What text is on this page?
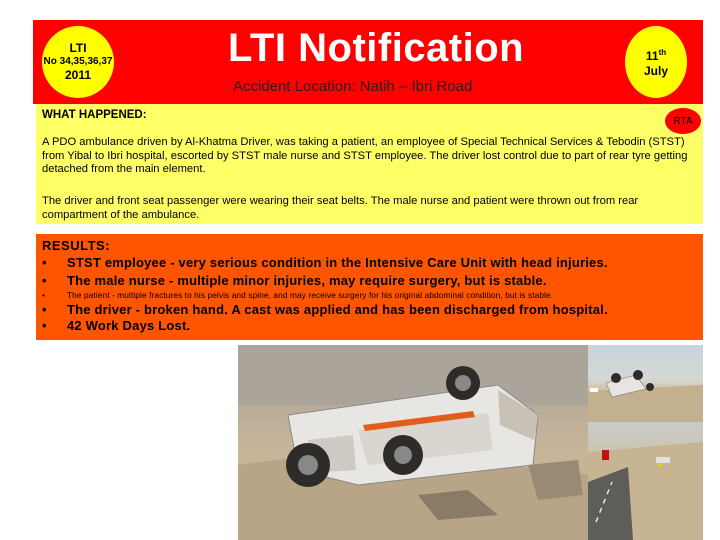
LTI
No 34,35,36,37
2011
LTI Notification
Accident Location: Natih – Ibri Road
11th
July
WHAT HAPPENED:	RTA
A PDO ambulance driven by Al-Khatma Driver, was taking a patient, an employee of Special Technical Services & Tebodin (STST) from Yibal to Ibri hospital, escorted by STST male nurse and STST employee. The driver lost control due to part of rear tyre getting detached from the main element.
The driver and front seat passenger were wearing their seat belts. The male nurse and patient were thrown out from rear compartment of the ambulance.
RESULTS:
• STST employee - very serious condition in the Intensive Care Unit with head injuries.
• The male nurse - multiple minor injuries, may require surgery, but is stable.
•	The patient - multiple fractures to his pelvis and spine, and may receive surgery for his original abdominal condition, but is stable.
• The driver - broken hand. A cast was applied and has been discharged from hospital.
• 42 Work Days Lost.
